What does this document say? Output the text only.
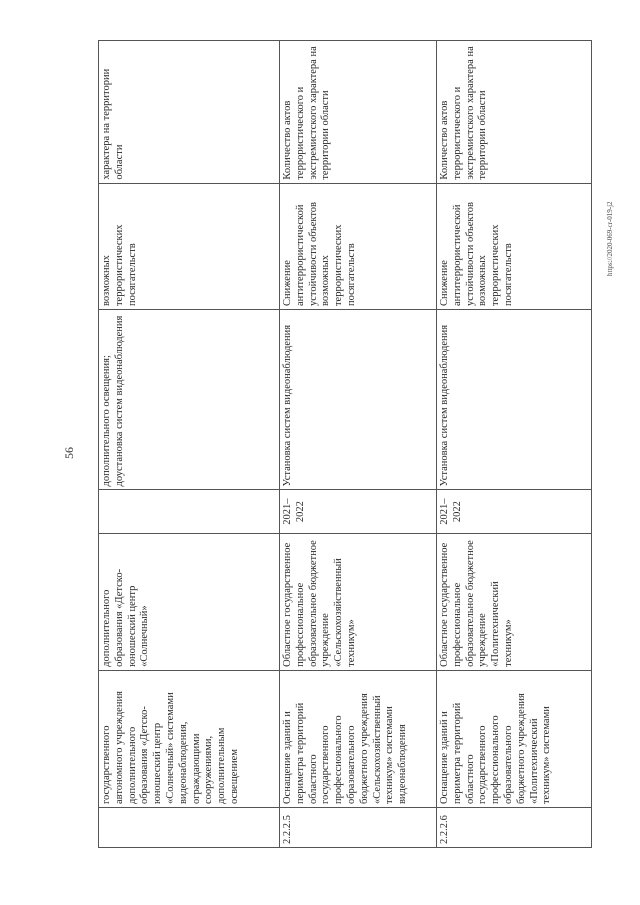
56
https://2020-069-cr-019-j2
	государственного автономного учреждения дополнительного образования «Детско-юношеский центр «Солнечный» системами видеонаблюдения, ограждающими сооружениями, дополнительным освещением	дополнительного образования «Детско-юношеский центр «Солнечный»		дополнительного освещения; доустановка систем видеонаблюдения	возможных террористических посягательств	характера на территории области
2.2.2.5	Оснащение зданий и периметра территорий областного государственного профессионального образовательного бюджетного учреждения «Сельскохозяйственный техникум» системами видеонаблюдения	Областное государственное профессиональное образовательное бюджетное учреждение «Сельскохозяйственный техникум»	2021–2022	Установка систем видеонаблюдения	Снижение антитеррористической устойчивости объектов возможных террористических посягательств	Количество актов террористического и экстремистского характера на территории области
2.2.2.6	Оснащение зданий и периметра территорий областного государственного профессионального образовательного бюджетного учреждения «Политехнический техникум» системами	Областное государственное профессиональное образовательное бюджетное учреждение «Политехнический техникум»	2021–2022	Установка систем видеонаблюдения	Снижение антитеррористической устойчивости объектов возможных террористических посягательств	Количество актов террористического и экстремистского характера на территории области
